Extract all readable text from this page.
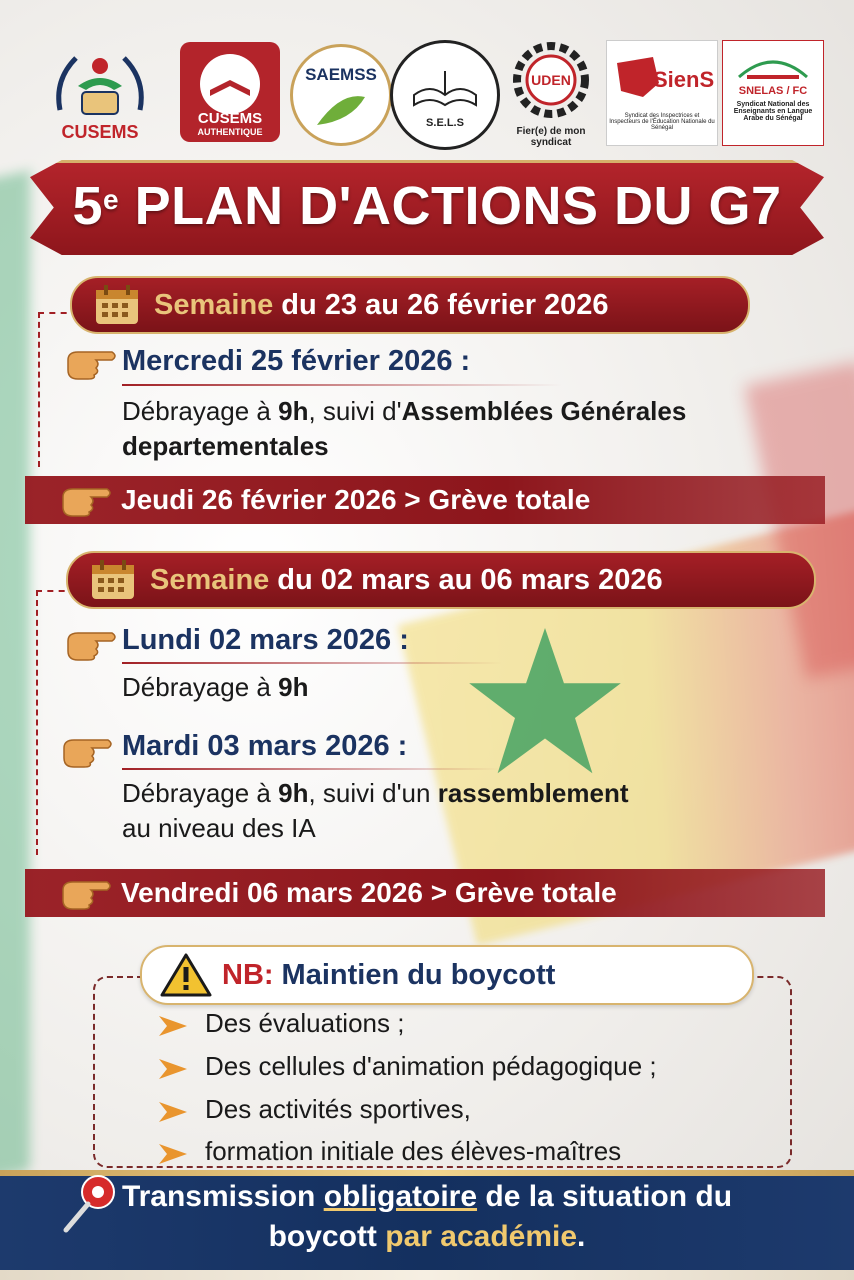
CUSEMS
CUSEMS
AUTHENTIQUE
SAEMSS
S.E.L.S
UDEN
Fier(e) de mon syndicat
SienS
Syndicat des Inspectrices et Inspecteurs de l'Éducation Nationale du Sénégal
SNELAS / FC
Syndicat National des Enseignants en Langue Arabe du Sénégal
5e
PLAN D'ACTIONS DU G7
Semaine du 23 au 26 février 2026
Mercredi 25 février 2026 :
Débrayage à 9h, suivi d'Assemblées Générales
departementales
Jeudi 26 février 2026 > Grève totale
Semaine du 02 mars au 06 mars 2026
Lundi 02 mars 2026 :
Débrayage à 9h
Mardi 03 mars 2026 :
Débrayage à 9h, suivi d'un rassemblement
au niveau des IA
Vendredi 06 mars 2026 > Grève totale
NB: Maintien du boycott
Des évaluations ;
Des cellules d'animation pédagogique ;
Des activités sportives,
formation initiale des élèves-maîtres
Transmission obligatoire de la situation du
boycott par académie.
